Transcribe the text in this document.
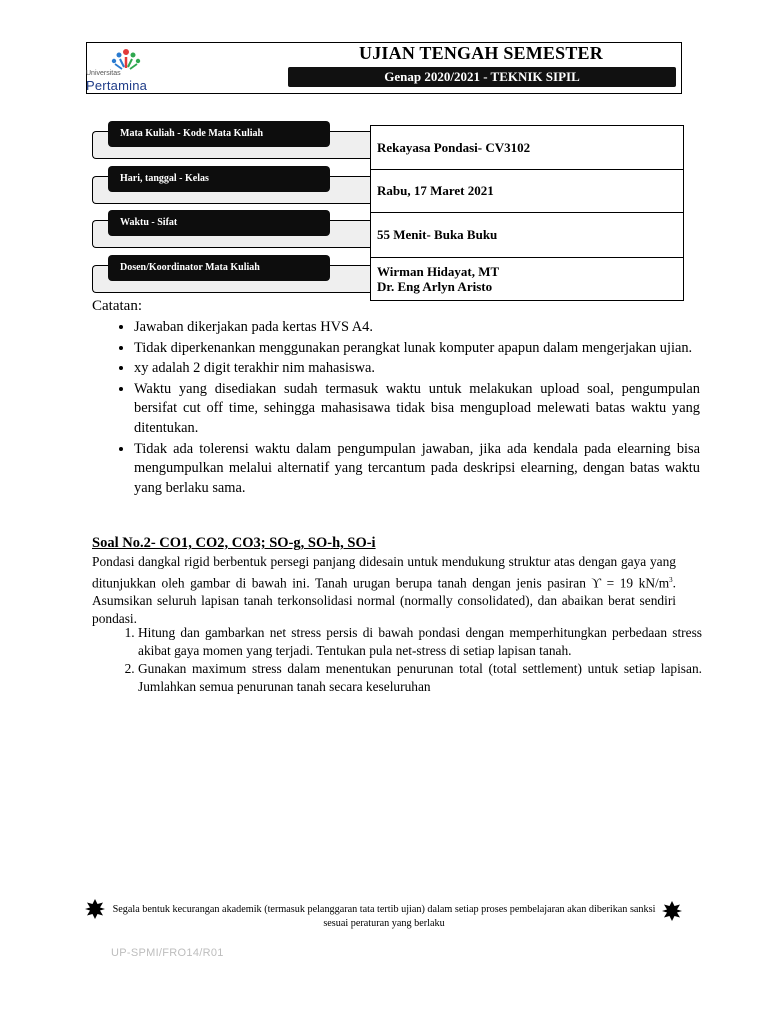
Universitas
Pertamina
UJIAN TENGAH SEMESTER
Genap 2020/2021 - TEKNIK SIPIL
Mata Kuliah - Kode Mata Kuliah
Rekayasa Pondasi- CV3102
Hari, tanggal - Kelas
Rabu, 17 Maret 2021
Waktu - Sifat
55 Menit- Buka Buku
Dosen/Koordinator Mata Kuliah	Wirman Hidayat, MT
Dr. Eng Arlyn Aristo
Catatan:
• Jawaban dikerjakan pada kertas HVS A4.
• Tidak diperkenankan menggunakan perangkat lunak komputer apapun dalam mengerjakan ujian.
• xy adalah 2 digit terakhir nim mahasiswa.
• Waktu yang disediakan sudah termasuk waktu untuk melakukan upload soal, pengumpulan bersifat cut off time, sehingga mahasisawa tidak bisa mengupload melewati batas waktu yang ditentukan.
• Tidak ada tolerensi waktu dalam pengumpulan jawaban, jika ada kendala pada elearning bisa mengumpulkan melalui alternatif yang tercantum pada deskripsi elearning, dengan batas waktu yang berlaku sama.
Soal No.2- CO1, CO2, CO3; SO-g, SO-h, SO-i
Pondasi dangkal rigid berbentuk persegi panjang didesain untuk mendukung struktur atas dengan gaya yang ditunjukkan oleh gambar di bawah ini. Tanah urugan berupa tanah dengan jenis pasiran ϒ = 19 $kN/m^3$. Asumsikan seluruh lapisan tanah terkonsolidasi normal (normally consolidated), dan abaikan berat sendiri pondasi.
1. Hitung dan gambarkan net stress persis di bawah pondasi dengan memperhitungkan perbedaan stress akibat gaya momen yang terjadi. Tentukan pula net-stress di setiap lapisan tanah.
2. Gunakan maximum stress dalam menentukan penurunan total (total settlement) untuk setiap lapisan. Jumlahkan semua penurunan tanah secara keseluruhan
Segala bentuk kecurangan akademik (termasuk pelanggaran tata tertib ujian) dalam setiap proses pembelajaran akan diberikan sanksi sesuai peraturan yang berlaku
UP-SPMI/FRO14/R01
